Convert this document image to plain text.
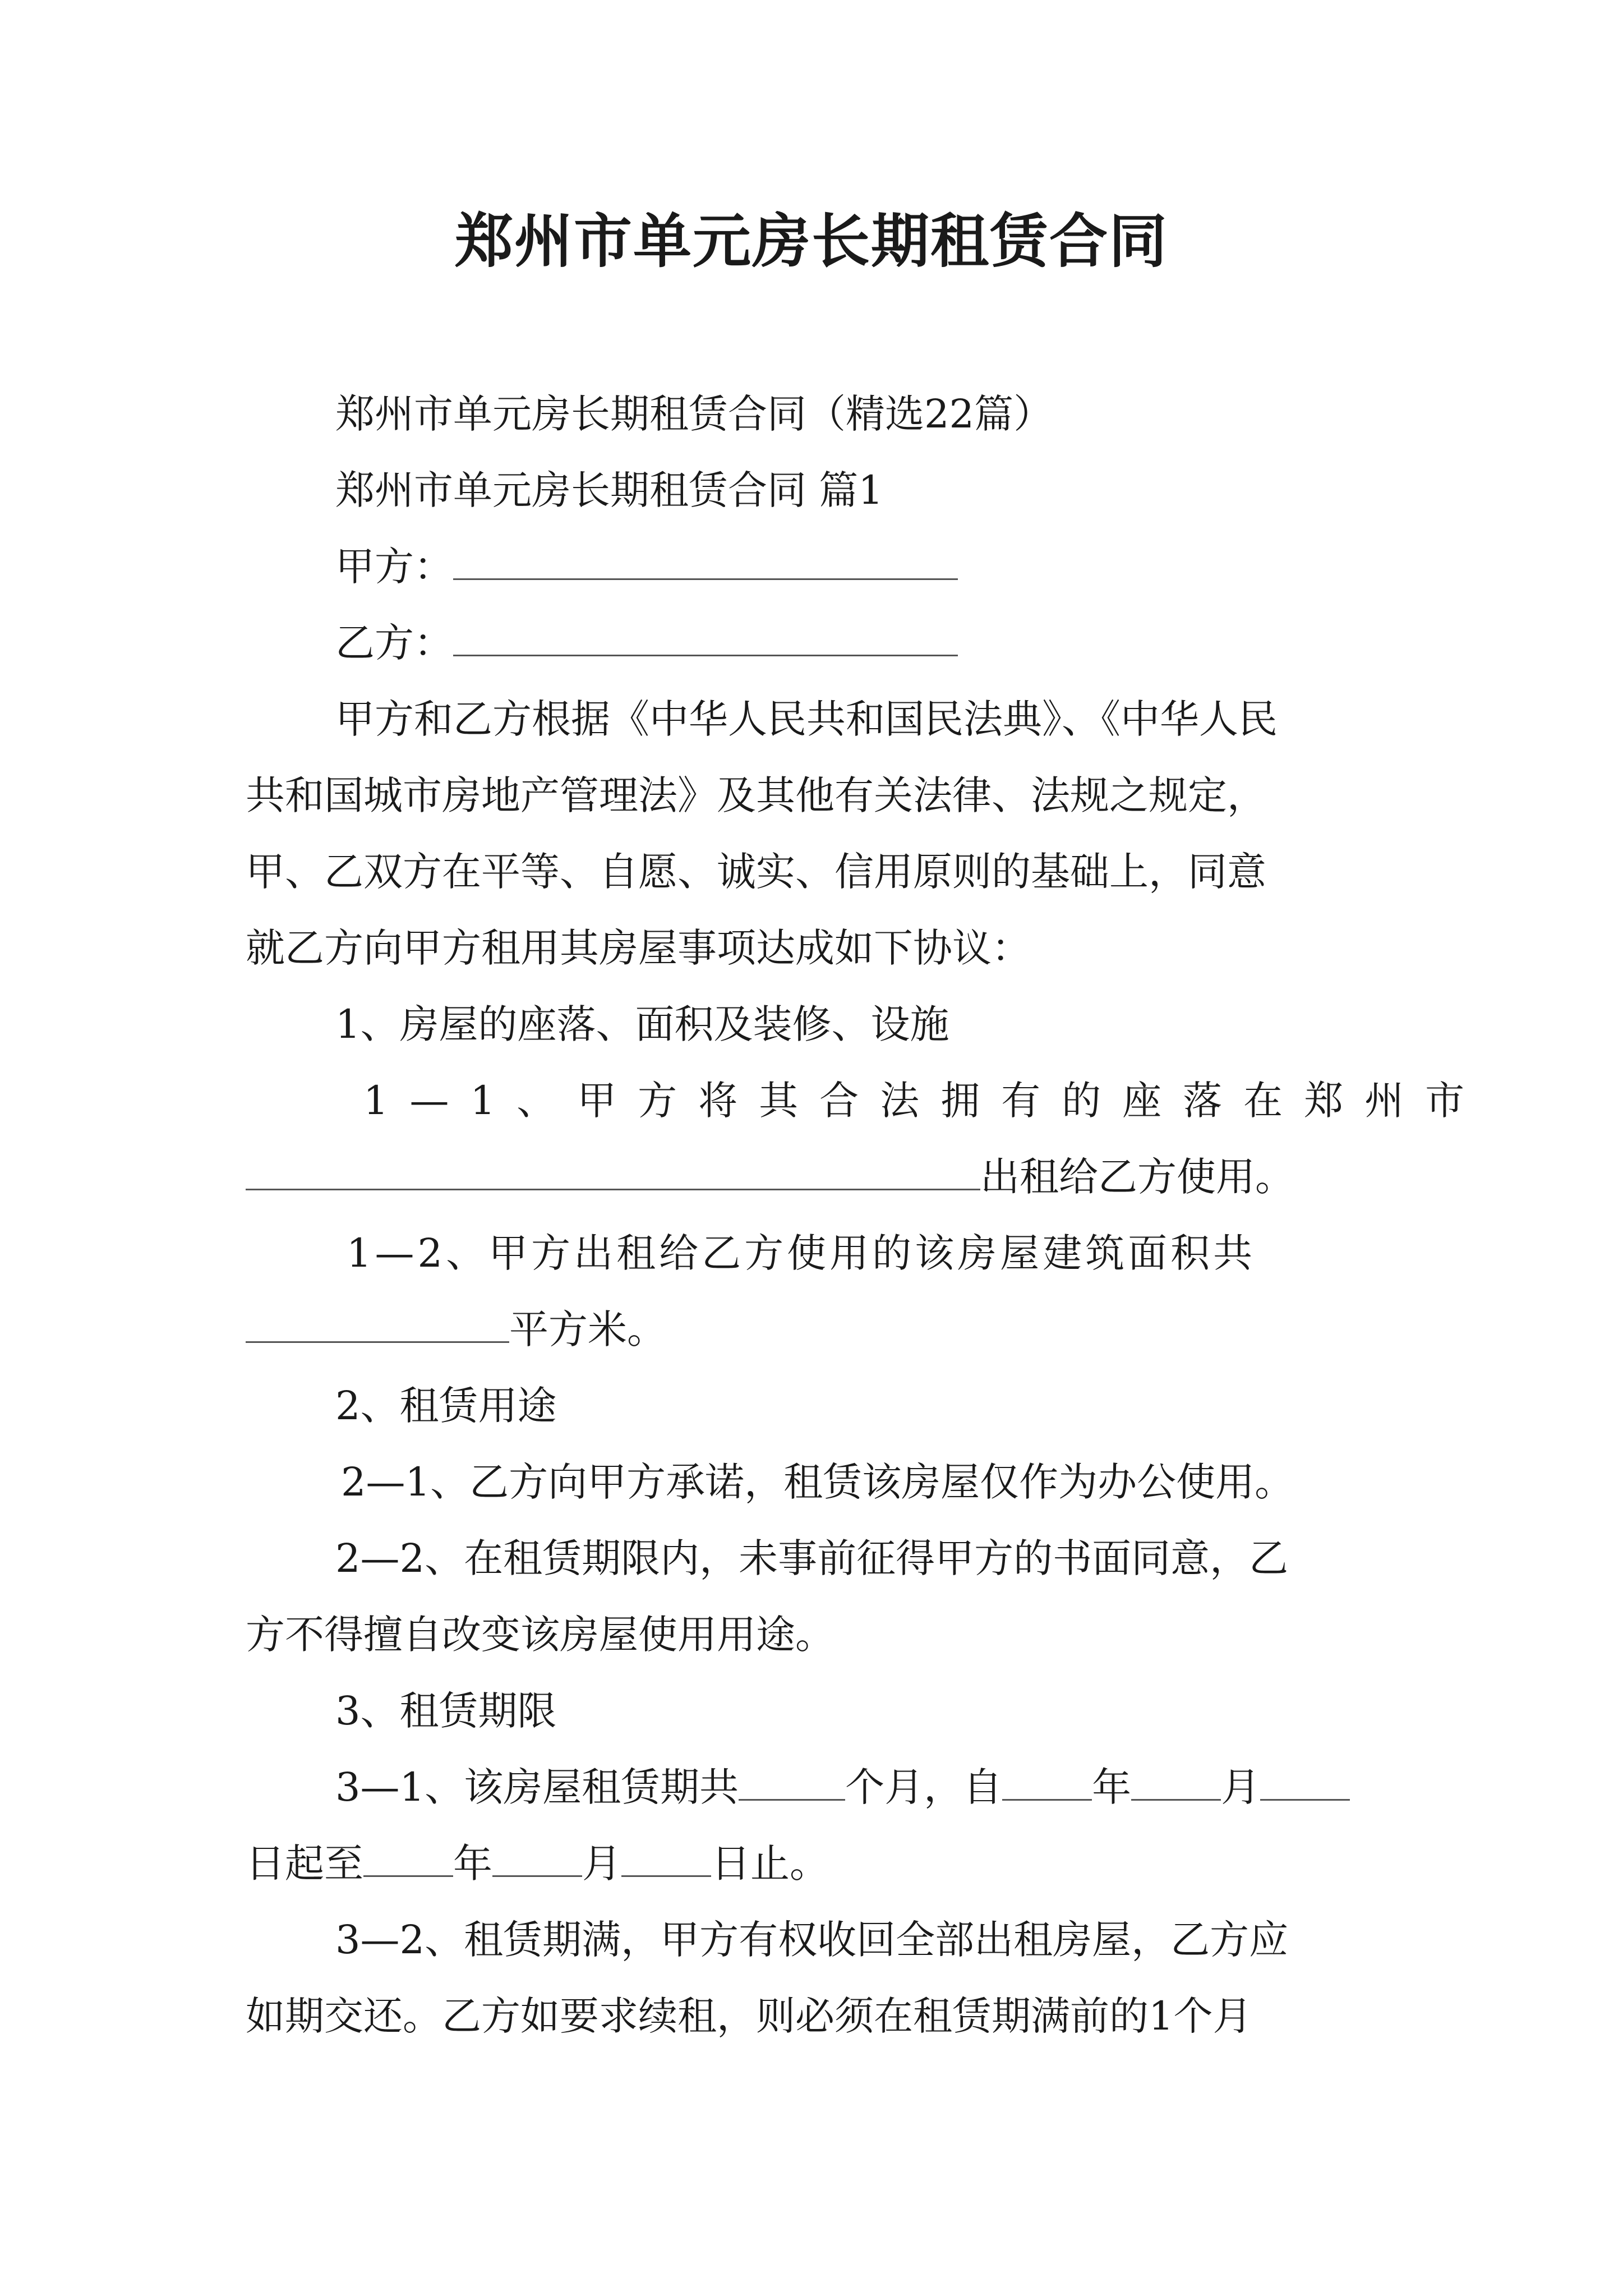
郑州市单元房长期租赁合同

郑州市单元房长期租赁合同（精选22篇）

郑州市单元房长期租赁合同 篇1

甲方：

乙方：

甲方和乙方根据《中华人民共和国民法典》、《中华人民

共和国城市房地产管理法》及其他有关法律、法规之规定，

甲、乙双方在平等、自愿、诚实、信用原则的基础上，同意

就乙方向甲方租用其房屋事项达成如下协议：

1、房屋的座落、面积及装修、设施

1—1、甲方将其合法拥有的座落在郑州市

出租给乙方使用。

1—2、甲方出租给乙方使用的该房屋建筑面积共

平方米。

2、租赁用途

2—1、乙方向甲方承诺，租赁该房屋仅作为办公使用。

2—2、在租赁期限内，未事前征得甲方的书面同意，乙

方不得擅自改变该房屋使用用途。

3、租赁期限

3—1、该房屋租赁期共	个月，自 年 月

日起至 年 月 日止。

3—2、租赁期满，甲方有权收回全部出租房屋，乙方应

如期交还。乙方如要求续租，则必须在租赁期满前的1个月
